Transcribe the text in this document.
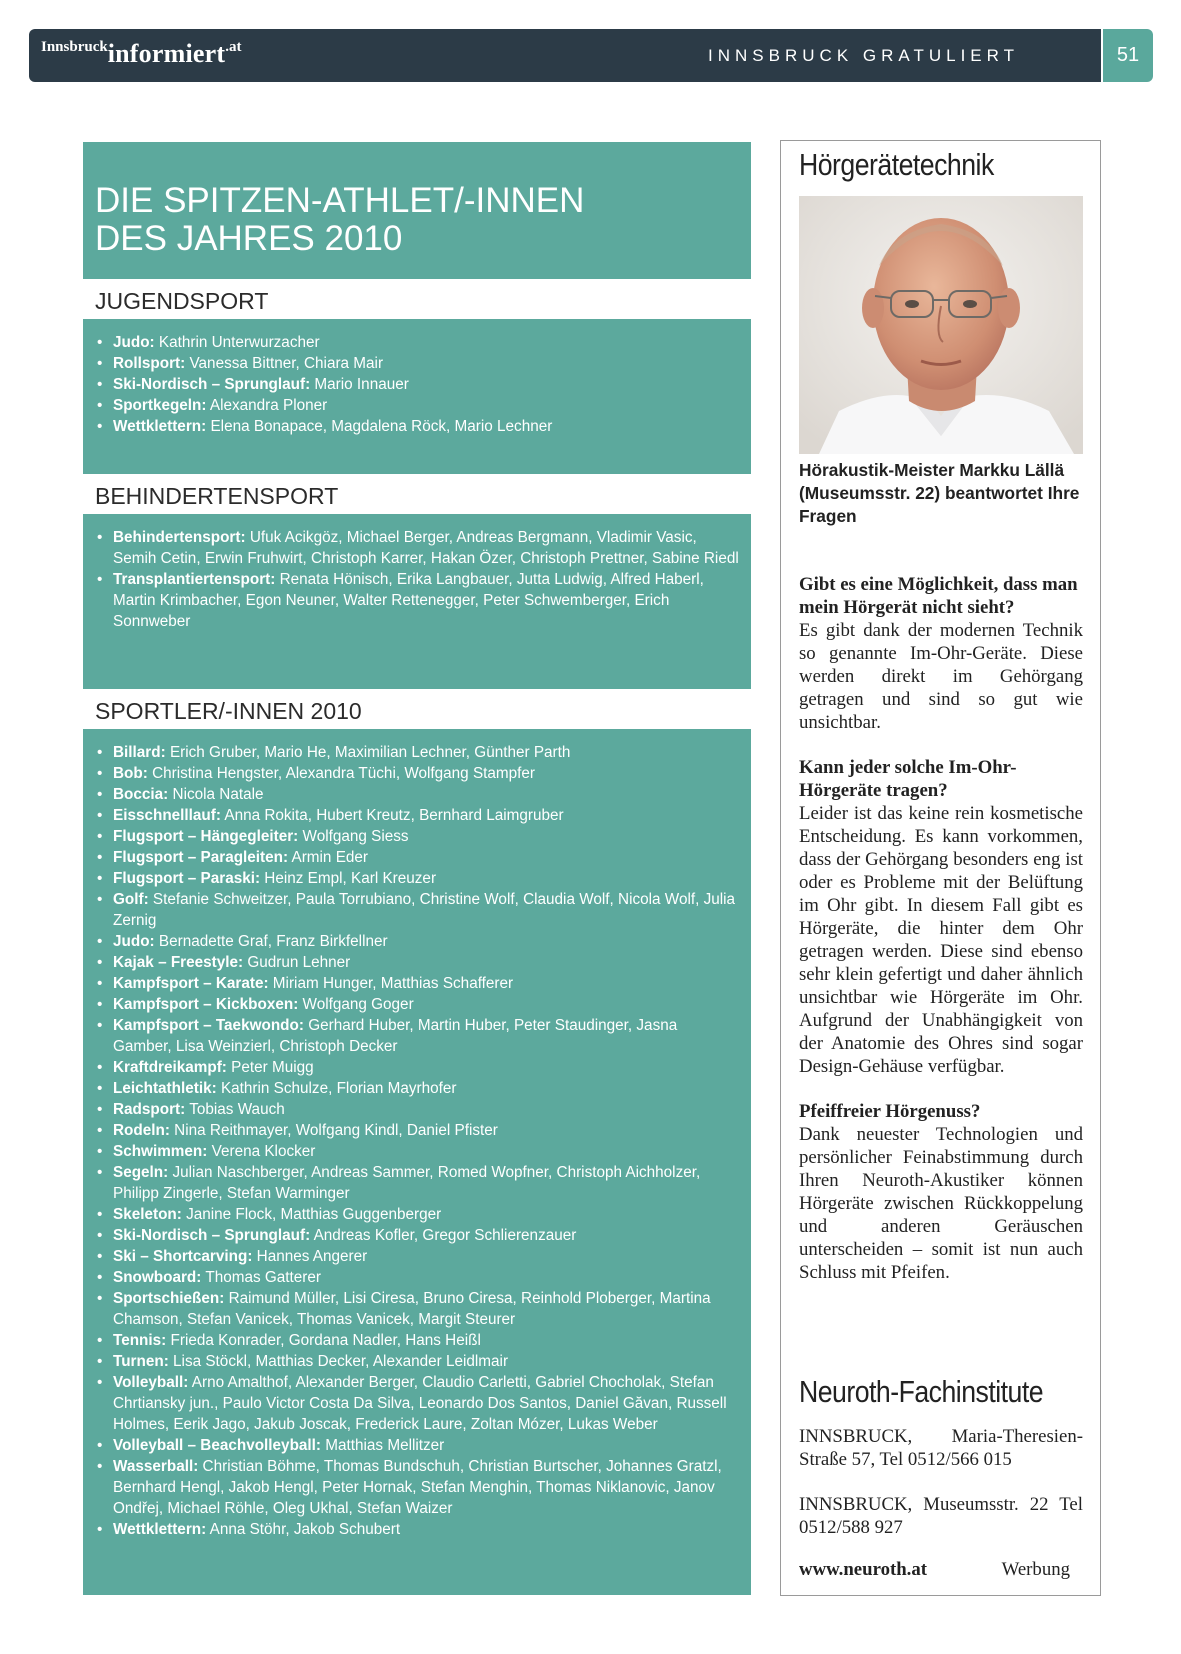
Innsbruckinformiert.at	INNSBRUCK GRATULIERT	51
DIE SPITZEN-ATHLET/-INNEN
DES JAHRES 2010
JUGENDSPORT
• Judo: Kathrin Unterwurzacher
• Rollsport: Vanessa Bittner, Chiara Mair
• Ski-Nordisch – Sprunglauf: Mario Innauer
• Sportkegeln: Alexandra Ploner
• Wettklettern: Elena Bonapace, Magdalena Röck, Mario Lechner
BEHINDERTENSPORT
• Behindertensport: Ufuk Acikgöz, Michael Berger, Andreas Bergmann, Vladimir Vasic, Semih Cetin, Erwin Fruhwirt, Christoph Karrer, Hakan Özer, Christoph Prettner, Sabine Riedl
• Transplantiertensport: Renata Hönisch, Erika Langbauer, Jutta Ludwig, Alfred Haberl, Martin Krimbacher, Egon Neuner, Walter Rettenegger, Peter Schwemberger, Erich Sonnweber
SPORTLER/-INNEN 2010
• Billard: Erich Gruber, Mario He, Maximilian Lechner, Günther Parth
• Bob: Christina Hengster, Alexandra Tüchi, Wolfgang Stampfer
• Boccia: Nicola Natale
• Eisschnelllauf: Anna Rokita, Hubert Kreutz, Bernhard Laimgruber
• Flugsport – Hängegleiter: Wolfgang Siess
• Flugsport – Paragleiten: Armin Eder
• Flugsport – Paraski: Heinz Empl, Karl Kreuzer
• Golf: Stefanie Schweitzer, Paula Torrubiano, Christine Wolf, Claudia Wolf, Nicola Wolf, Julia Zernig
• Judo: Bernadette Graf, Franz Birkfellner
• Kajak – Freestyle: Gudrun Lehner
• Kampfsport – Karate: Miriam Hunger, Matthias Schafferer
• Kampfsport – Kickboxen: Wolfgang Goger
• Kampfsport – Taekwondo: Gerhard Huber, Martin Huber, Peter Staudinger, Jasna Gamber, Lisa Weinzierl, Christoph Decker
• Kraftdreikampf: Peter Muigg
• Leichtathletik: Kathrin Schulze, Florian Mayrhofer
• Radsport: Tobias Wauch
• Rodeln: Nina Reithmayer, Wolfgang Kindl, Daniel Pfister
• Schwimmen: Verena Klocker
• Segeln: Julian Naschberger, Andreas Sammer, Romed Wopfner, Christoph Aichholzer, Philipp Zingerle, Stefan Warminger
• Skeleton: Janine Flock, Matthias Guggenberger
• Ski-Nordisch – Sprunglauf: Andreas Kofler, Gregor Schlierenzauer
• Ski – Shortcarving: Hannes Angerer
• Snowboard: Thomas Gatterer
• Sportschießen: Raimund Müller, Lisi Ciresa, Bruno Ciresa, Reinhold Ploberger, Martina Chamson, Stefan Vanicek, Thomas Vanicek, Margit Steurer
• Tennis: Frieda Konrader, Gordana Nadler, Hans Heißl
• Turnen: Lisa Stöckl, Matthias Decker, Alexander Leidlmair
• Volleyball: Arno Amalthof, Alexander Berger, Claudio Carletti, Gabriel Chocholak, Stefan Chrtiansky jun., Paulo Victor Costa Da Silva, Leonardo Dos Santos, Daniel Găvan, Russell Holmes, Eerik Jago, Jakub Joscak, Frederick Laure, Zoltan Mózer, Lukas Weber
• Volleyball – Beachvolleyball: Matthias Mellitzer
• Wasserball: Christian Böhme, Thomas Bundschuh, Christian Burtscher, Johannes Gratzl, Bernhard Hengl, Jakob Hengl, Peter Hornak, Stefan Menghin, Thomas Niklanovic, Janov Ondřej, Michael Röhle, Oleg Ukhal, Stefan Waizer
• Wettklettern: Anna Stöhr, Jakob Schubert
Hörgerätetechnik
Hörakustik-Meister Markku Lällä (Museumsstr. 22) beantwortet Ihre Fragen
Gibt es eine Möglichkeit, dass man mein Hörgerät nicht sieht?
Es gibt dank der modernen Technik so genannte Im-Ohr-Geräte. Diese werden direkt im Gehörgang getragen und sind so gut wie unsichtbar.
Kann jeder solche Im-Ohr-Hörgeräte tragen?
Leider ist das keine rein kosmetische Entscheidung. Es kann vorkommen, dass der Gehörgang besonders eng ist oder es Probleme mit der Belüftung im Ohr gibt. In diesem Fall gibt es Hörgeräte, die hinter dem Ohr getragen werden. Diese sind ebenso sehr klein gefertigt und daher ähnlich unsichtbar wie Hörgeräte im Ohr. Aufgrund der Unabhängigkeit von der Anatomie des Ohres sind sogar Design-Gehäuse verfügbar.
Pfeiffreier Hörgenuss?
Dank neuester Technologien und persönlicher Feinabstimmung durch Ihren Neuroth-Akustiker können Hörgeräte zwischen Rückkoppelung und anderen Geräuschen unterscheiden – somit ist nun auch Schluss mit Pfeifen.
Neuroth-Fachinstitute
INNSBRUCK, Maria-Theresien-Straße 57, Tel 0512/566 015
INNSBRUCK, Museumsstr. 22 Tel 0512/588 927
www.neuroth.at	Werbung
